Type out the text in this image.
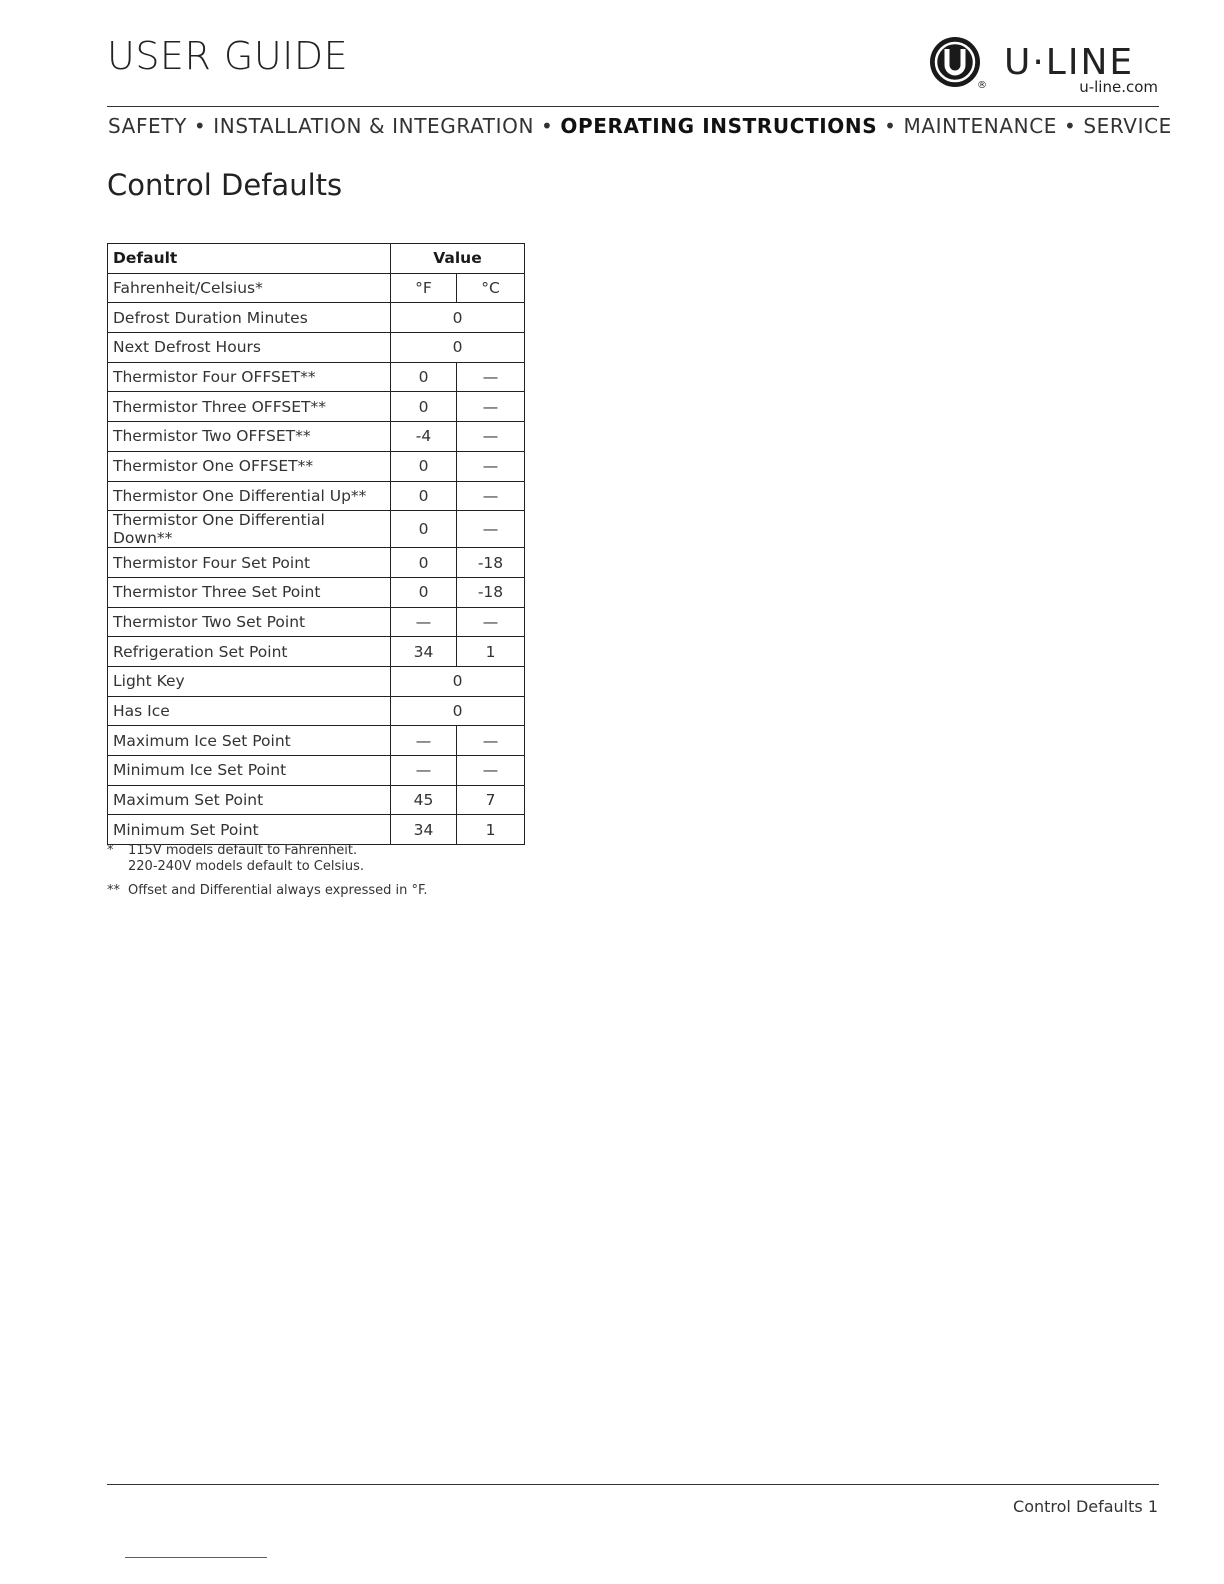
USER GUIDE
®
U·LINE
u-line.com
SAFETY • INSTALLATION & INTEGRATION • OPERATING INSTRUCTIONS • MAINTENANCE • SERVICE
Control Defaults
Default	Value	
Fahrenheit/Celsius*	°F	°C
Defrost Duration Minutes	0	
Next Defrost Hours	0	
Thermistor Four OFFSET**	0	—
Thermistor Three OFFSET**	0	—
Thermistor Two OFFSET**	-4	—
Thermistor One OFFSET**	0	—
Thermistor One Differential Up**	0	—
Thermistor One Differential Down**	0	—
Thermistor Four Set Point	0	-18
Thermistor Three Set Point	0	-18
Thermistor Two Set Point	—	—
Refrigeration Set Point	34	1
Light Key	0	
Has Ice	0	
Maximum Ice Set Point	—	—
Minimum Ice Set Point	—	—
Maximum Set Point	45	7
Minimum Set Point	34	1
*	115V models default to Fahrenheit.
220-240V models default to Celsius.
** Offset and Differential always expressed in °F.
Control Defaults 1
